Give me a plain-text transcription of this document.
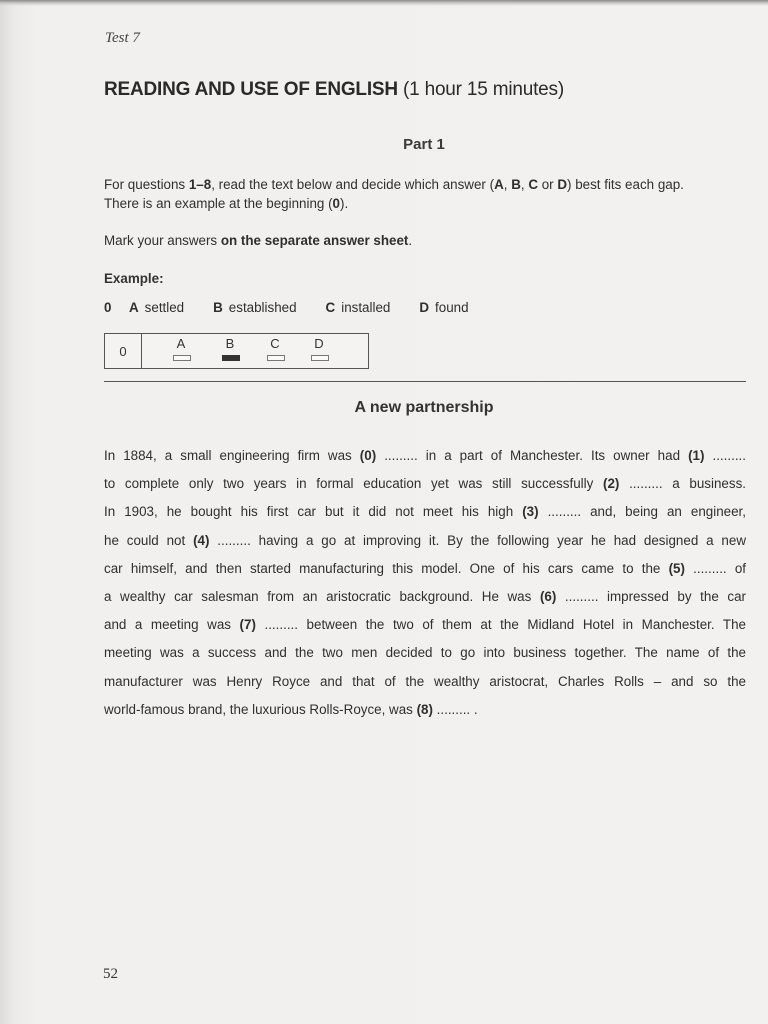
Test 7
READING AND USE OF ENGLISH (1 hour 15 minutes)
Part 1
For questions 1–8, read the text below and decide which answer (A, B, C or D) best fits each gap.
There is an example at the beginning (0).
Mark your answers on the separate answer sheet.
Example:
0	A settled B established C installed D found
0	A	B	C	D
A new partnership
In 1884, a small engineering firm was (0) ......... in a part of Manchester. Its owner had (1) .........
to complete only two years in formal education yet was still successfully (2) ......... a business.
In 1903, he bought his first car but it did not meet his high (3) ......... and, being an engineer,
he could not (4) ......... having a go at improving it. By the following year he had designed a new
car himself, and then started manufacturing this model. One of his cars came to the (5) ......... of
a wealthy car salesman from an aristocratic background. He was (6) ......... impressed by the car
and a meeting was (7) ......... between the two of them at the Midland Hotel in Manchester. The
meeting was a success and the two men decided to go into business together. The name of the
manufacturer was Henry Royce and that of the wealthy aristocrat, Charles Rolls – and so the
world-famous brand, the luxurious Rolls-Royce, was (8) ......... .
52
